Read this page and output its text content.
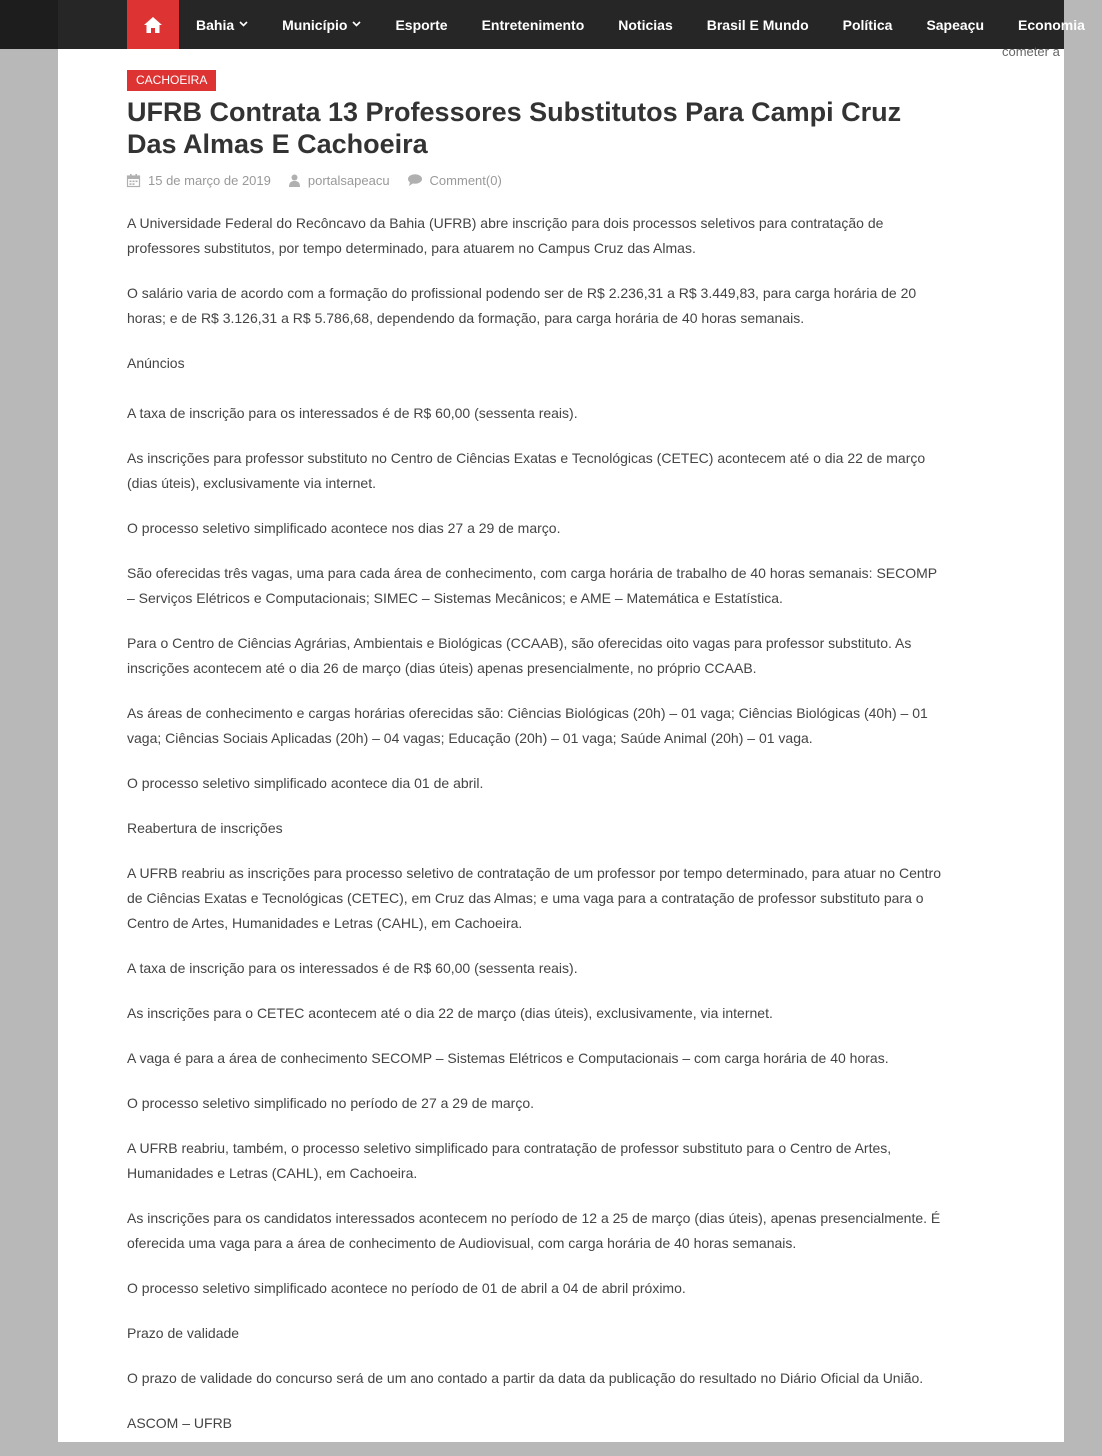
Bahia	Município	Esporte Entretenimento Noticias Brasil E Mundo Política Sapeaçu Economia
cometer a
CACHOEIRA
UFRB Contrata 13 Professores Substitutos Para Campi Cruz Das Almas E Cachoeira
15 de março de 2019	portalsapeacu	Comment(0)

A Universidade Federal do Recôncavo da Bahia (UFRB) abre inscrição para dois processos seletivos para contratação de professores substitutos, por tempo determinado, para atuarem no Campus Cruz das Almas.

O salário varia de acordo com a formação do profissional podendo ser de R$ 2.236,31 a R$ 3.449,83, para carga horária de 20 horas; e de R$ 3.126,31 a R$ 5.786,68, dependendo da formação, para carga horária de 40 horas semanais.

Anúncios

A taxa de inscrição para os interessados é de R$ 60,00 (sessenta reais).

As inscrições para professor substituto no Centro de Ciências Exatas e Tecnológicas (CETEC) acontecem até o dia 22 de março (dias úteis), exclusivamente via internet.

O processo seletivo simplificado acontece nos dias 27 a 29 de março.

São oferecidas três vagas, uma para cada área de conhecimento, com carga horária de trabalho de 40 horas semanais: SECOMP – Serviços Elétricos e Computacionais; SIMEC – Sistemas Mecânicos; e AME – Matemática e Estatística.

Para o Centro de Ciências Agrárias, Ambientais e Biológicas (CCAAB), são oferecidas oito vagas para professor substituto. As inscrições acontecem até o dia 26 de março (dias úteis) apenas presencialmente, no próprio CCAAB.

As áreas de conhecimento e cargas horárias oferecidas são: Ciências Biológicas (20h) – 01 vaga; Ciências Biológicas (40h) – 01 vaga; Ciências Sociais Aplicadas (20h) – 04 vagas; Educação (20h) – 01 vaga; Saúde Animal (20h) – 01 vaga.

O processo seletivo simplificado acontece dia 01 de abril.

Reabertura de inscrições

A UFRB reabriu as inscrições para processo seletivo de contratação de um professor por tempo determinado, para atuar no Centro de Ciências Exatas e Tecnológicas (CETEC), em Cruz das Almas; e uma vaga para a contratação de professor substituto para o Centro de Artes, Humanidades e Letras (CAHL), em Cachoeira.

A taxa de inscrição para os interessados é de R$ 60,00 (sessenta reais).

As inscrições para o CETEC acontecem até o dia 22 de março (dias úteis), exclusivamente, via internet.

A vaga é para a área de conhecimento SECOMP – Sistemas Elétricos e Computacionais – com carga horária de 40 horas.

O processo seletivo simplificado no período de 27 a 29 de março.

A UFRB reabriu, também, o processo seletivo simplificado para contratação de professor substituto para o Centro de Artes, Humanidades e Letras (CAHL), em Cachoeira.

As inscrições para os candidatos interessados acontecem no período de 12 a 25 de março (dias úteis), apenas presencialmente. É oferecida uma vaga para a área de conhecimento de Audiovisual, com carga horária de 40 horas semanais.

O processo seletivo simplificado acontece no período de 01 de abril a 04 de abril próximo.

Prazo de validade

O prazo de validade do concurso será de um ano contado a partir da data da publicação do resultado no Diário Oficial da União.

ASCOM – UFRB
